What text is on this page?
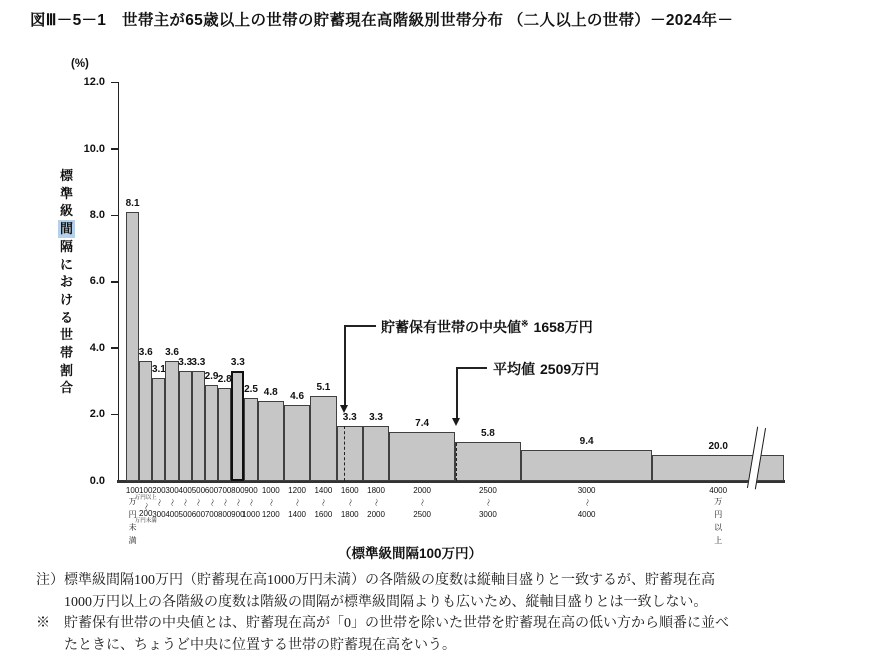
図Ⅲ－5－1　世帯主が65歳以上の世帯の貯蓄現在高階級別世帯分布 （二人以上の世帯）－2024年－
(%)
標
準
級
間
隔
に
お
け
る
世
帯
割
合
12.0
10.0
8.0
6.0
4.0
2.0
0.0
8.1
100
万
円
未
満
3.6
100
万円以上
〜
200
万円未満
3.1
200
〜
300
3.6
300
〜
400
3.3
400
〜
500
3.3
500
〜
600
2.9
600
〜
700
2.8
700
〜
800
3.3
800
〜
900
2.5
900
〜
1000
4.8
1000
〜
1200
4.6
1200
〜
1400
5.1
1400
〜
1600
3.3
1600
〜
1800
3.3
1800
〜
2000
7.4
2000
〜
2500
5.8
2500
〜
3000
9.4
3000
〜
4000
20.0
4000
万
円
以
上
貯蓄保有世帯の中央値※ 1658万円
平均値 2509万円
（標準級間隔100万円）
注）標準級間隔100万円（貯蓄現在高1000万円未満）の各階級の度数は縦軸目盛りと一致するが、貯蓄現在高1000万円以上の各階級の度数は階級の間隔が標準級間隔よりも広いため、縦軸目盛りとは一致しない。
※　貯蓄保有世帯の中央値とは、貯蓄現在高が「0」の世帯を除いた世帯を貯蓄現在高の低い方から順番に並べたときに、ちょうど中央に位置する世帯の貯蓄現在高をいう。
